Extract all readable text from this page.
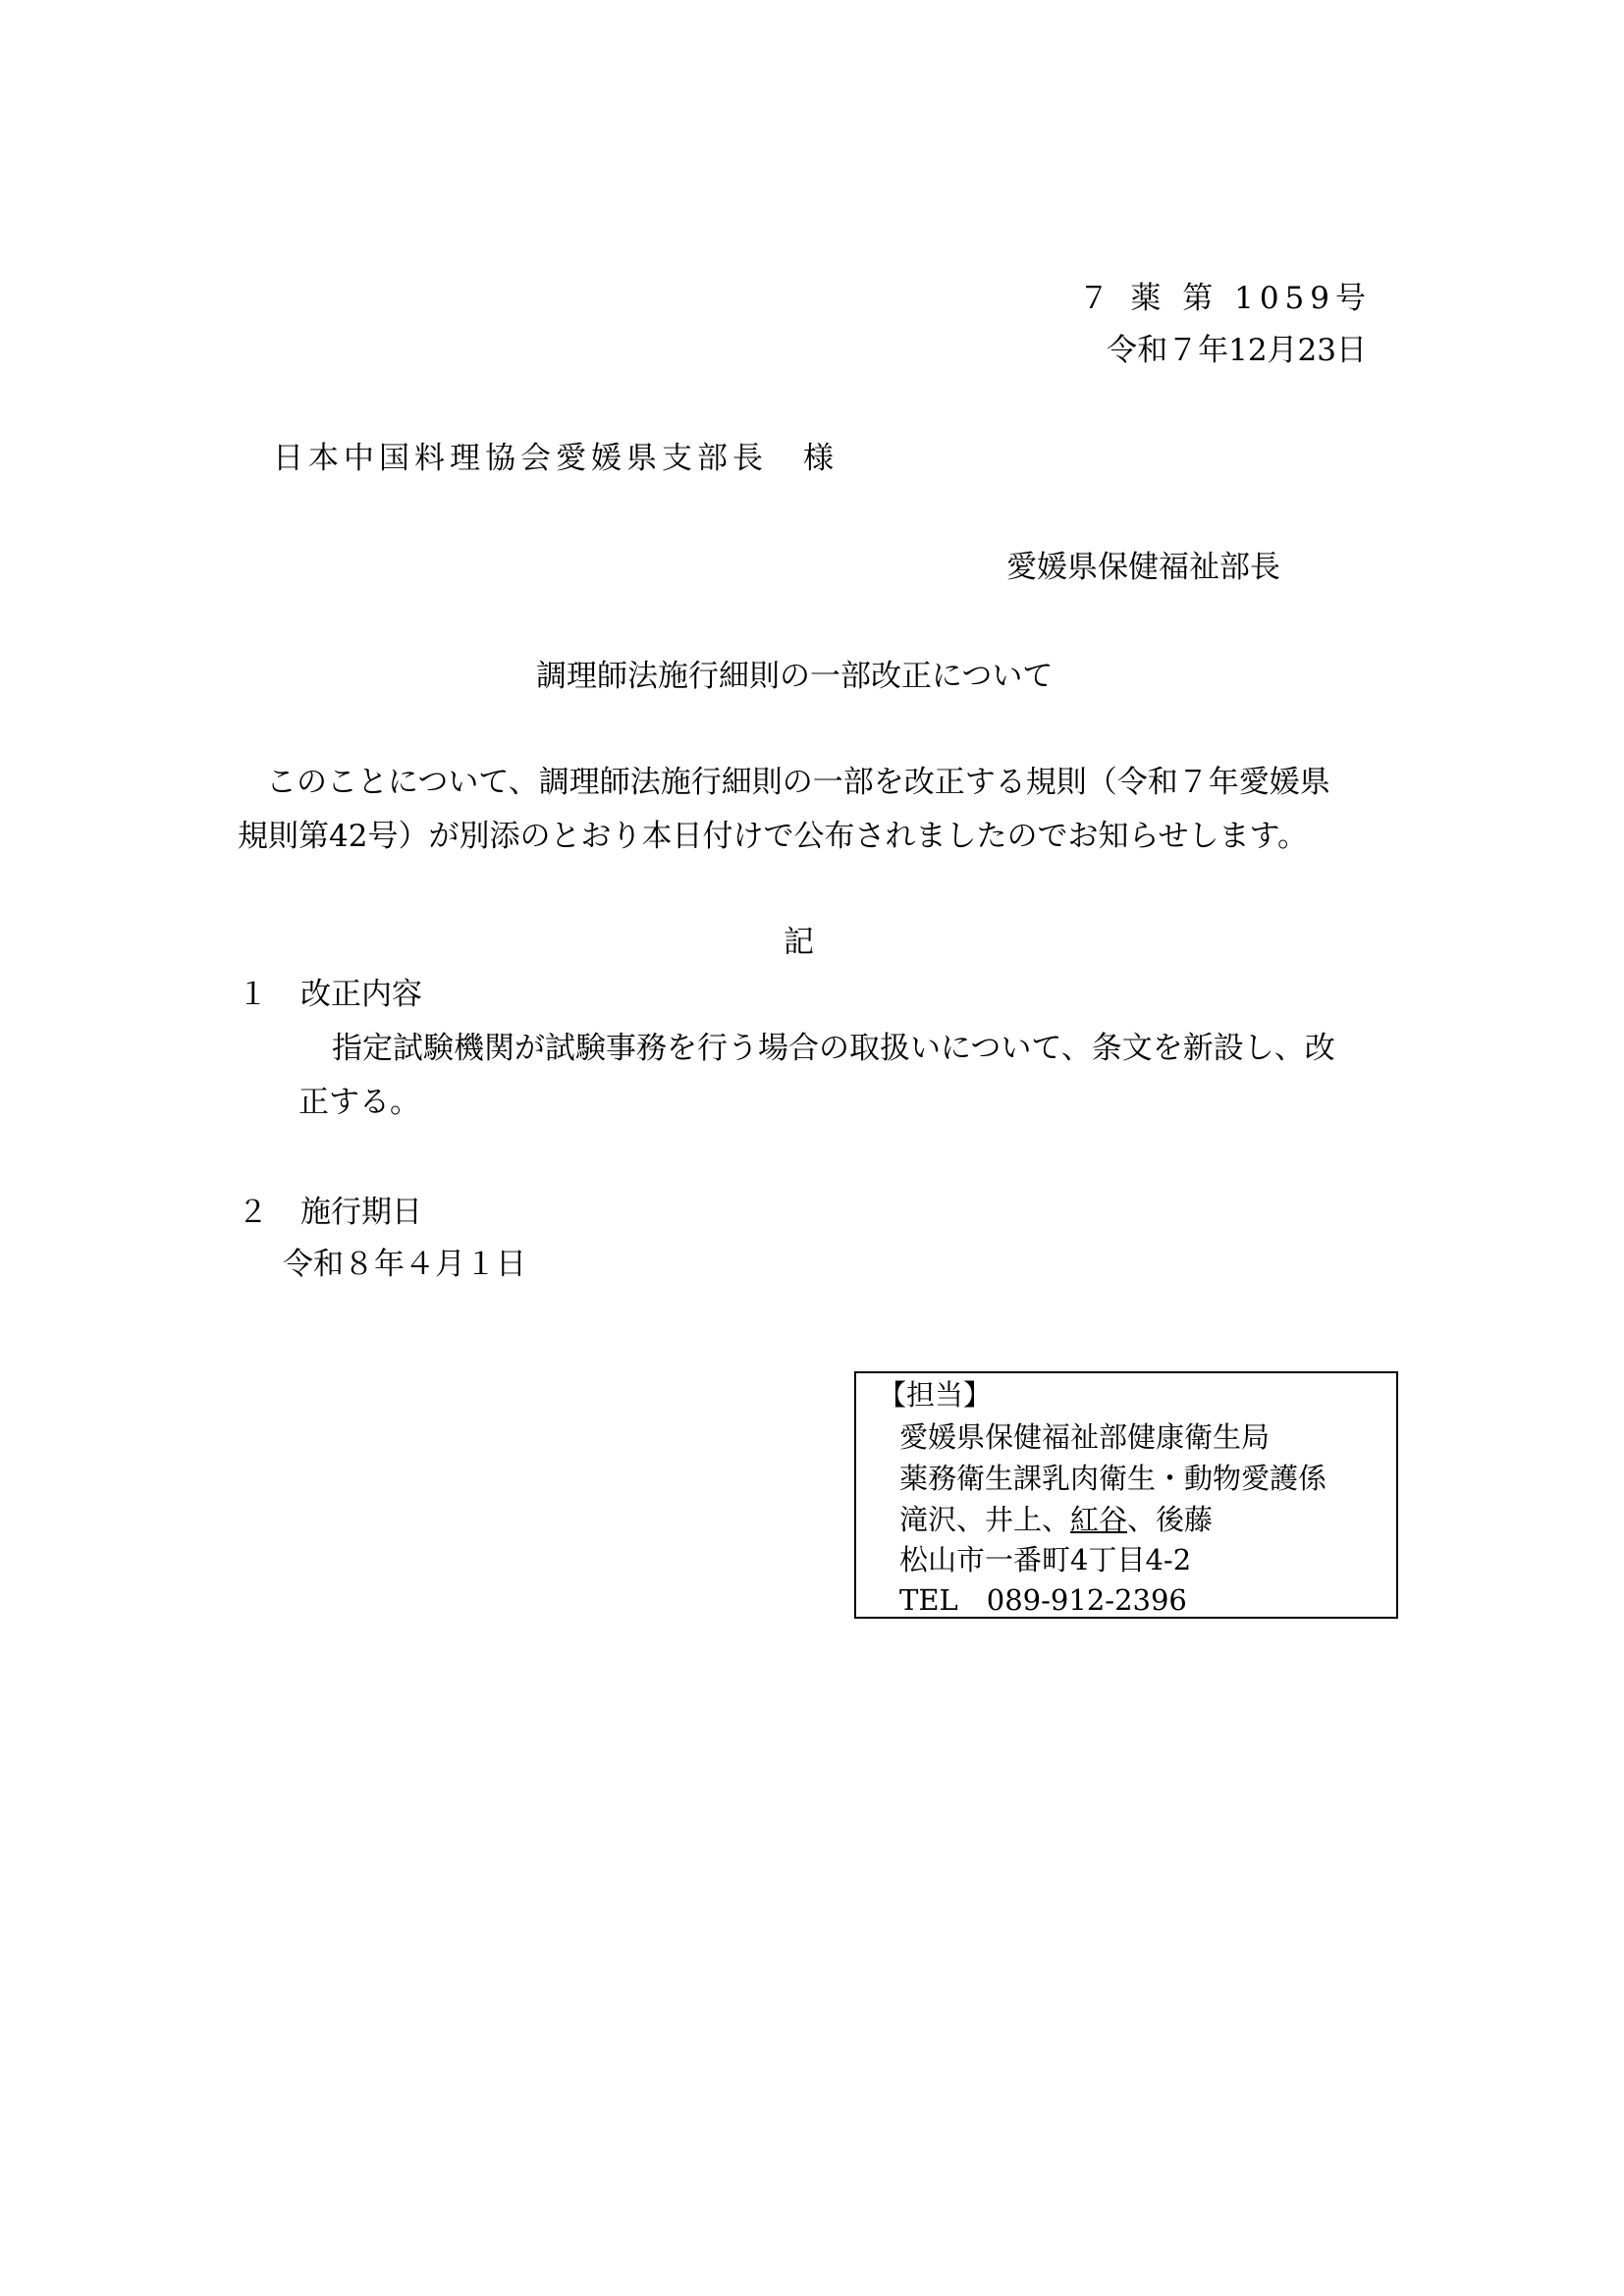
７ 薬 第 1059号
令和７年12月23日
日本中国料理協会愛媛県支部長　様
愛媛県保健福祉部長
調理師法施行細則の一部改正について
このことについて、調理師法施行細則の一部を改正する規則（令和７年愛媛県
規則第42号）が別添のとおり本日付けで公布されましたのでお知らせします。
記
１ 改正内容
指定試験機関が試験事務を行う場合の取扱いについて、条文を新設し、改
正する。
２ 施行期日
令和８年４月１日
【担当】
愛媛県保健福祉部健康衛生局
薬務衛生課乳肉衛生・動物愛護係
滝沢、井上、紅谷、後藤
松山市一番町4丁目4-2
TEL　089-912-2396
